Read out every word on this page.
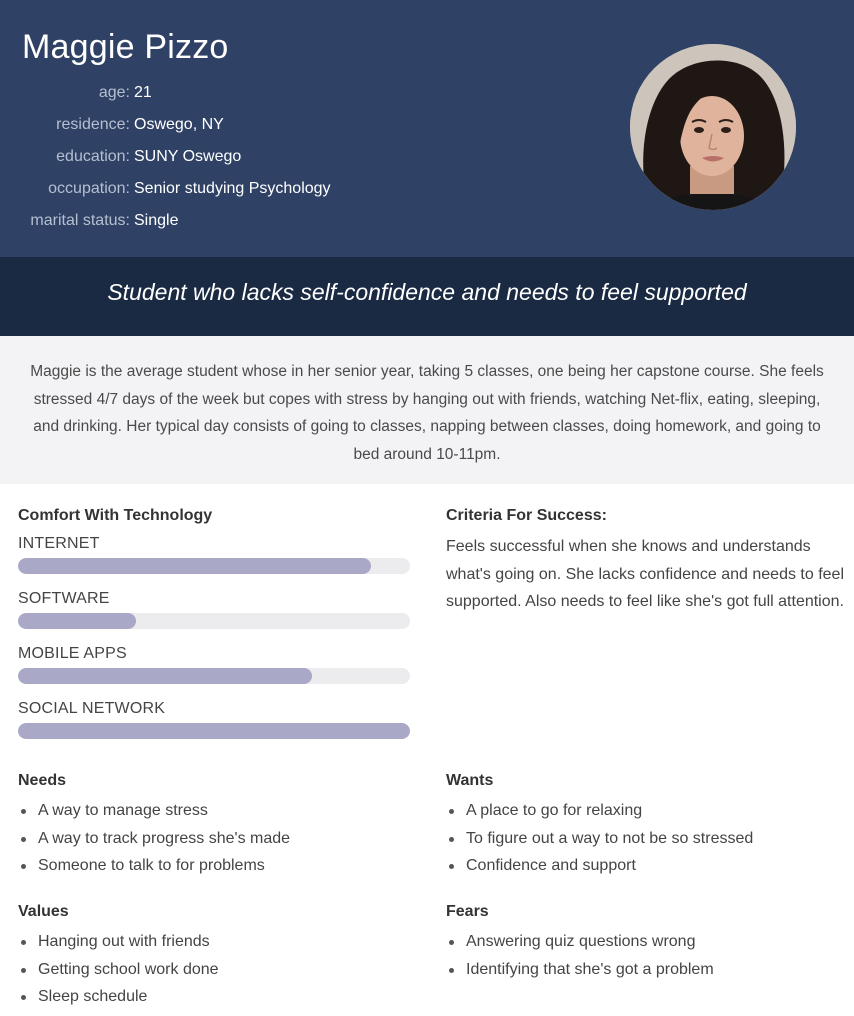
Maggie Pizzo
age: 21
residence: Oswego, NY
education: SUNY Oswego
occupation: Senior studying Psychology
marital status: Single
Student who lacks self-confidence and needs to feel supported

Maggie is the average student whose in her senior year, taking 5 classes, one being her capstone course. She feels stressed 4/7 days of the week but copes with stress by hanging out with friends, watching Net-flix, eating, sleeping, and drinking. Her typical day consists of going to classes, napping between classes, doing homework, and going to bed around 10-11pm.

Comfort With Technology
INTERNET
SOFTWARE
MOBILE APPS
SOCIAL NETWORK
Criteria For Success:

Feels successful when she knows and understands what's going on. She lacks confidence and needs to feel supported. Also needs to feel like she's got full attention.

Needs
A way to manage stress
A way to track progress she's made
Someone to talk to for problems
Wants
A place to go for relaxing
To figure out a way to not be so stressed
Confidence and support
Values
Hanging out with friends
Getting school work done
Sleep schedule
Fears
Answering quiz questions wrong
Identifying that she's got a problem
